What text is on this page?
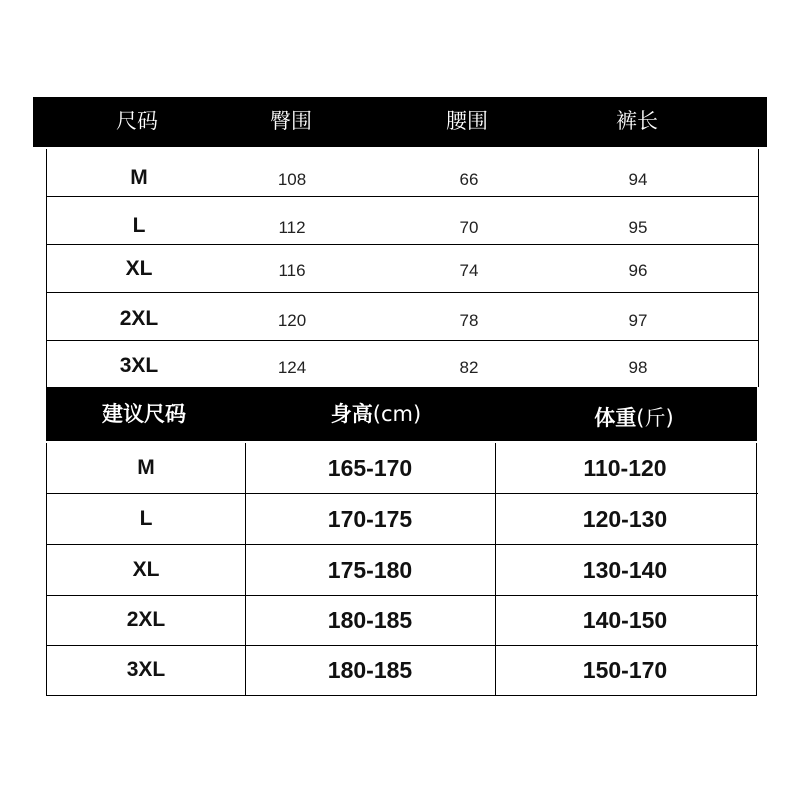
尺码	臀围	腰围	裤长
M	108	66	94
L	112	70	95
XL	116	74	96
2XL	120	78	97
3XL	124	82	98
建议尺码	身高(cm)	体重(斤)
M	165-170	110-120
L	170-175	120-130
XL	175-180	130-140
2XL	180-185	140-150
3XL	180-185	150-170
